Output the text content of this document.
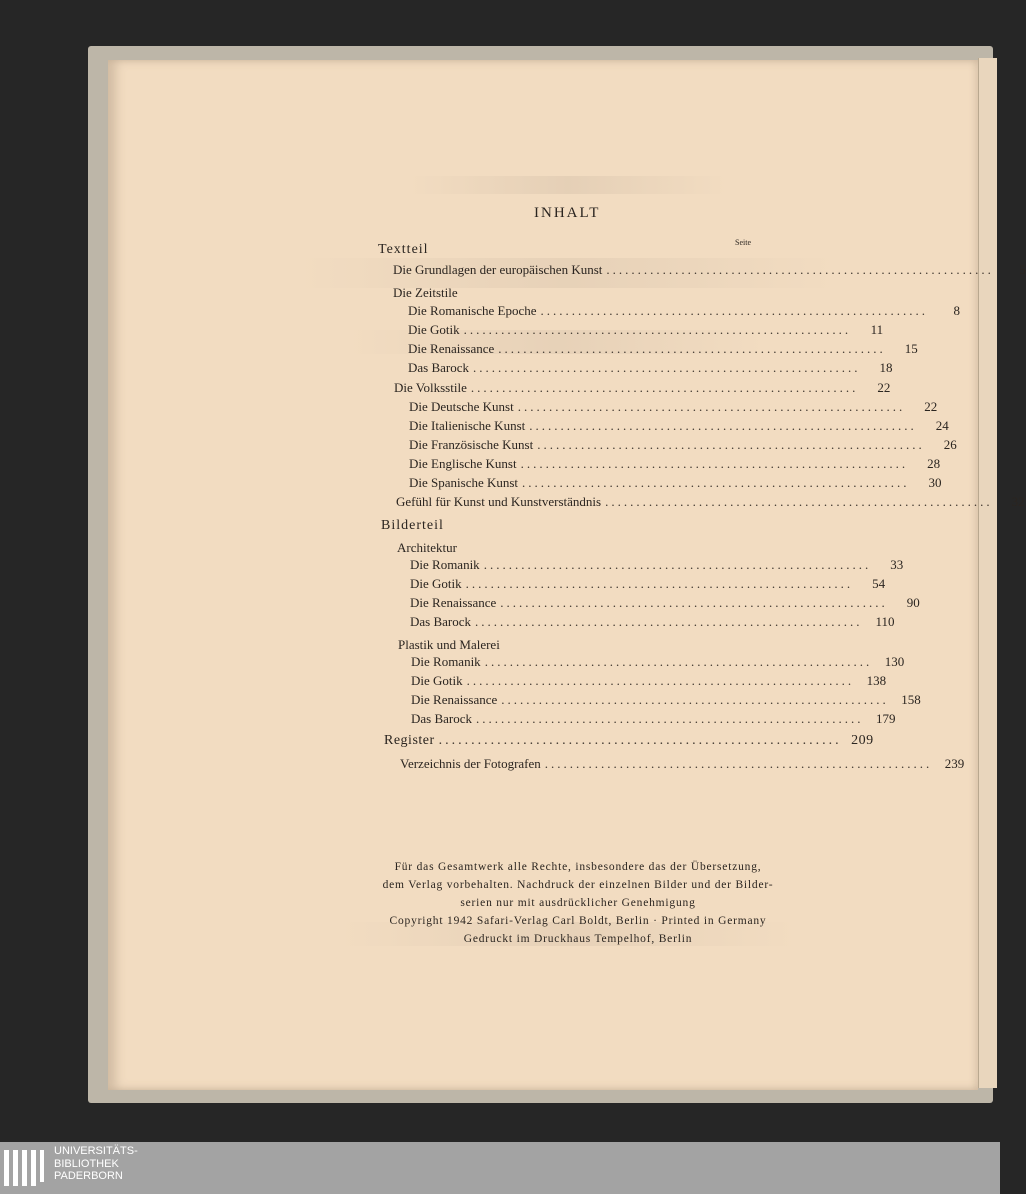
INHALT
Seite
Textteil
Die Grundlagen der europäischen Kunst ..............................................................	5
Die Zeitstile
Die Romanische Epoche ..............................................................	8
Die Gotik ..............................................................	11
Die Renaissance ..............................................................	15
Das Barock ..............................................................	18
Die Volksstile ..............................................................	22
Die Deutsche Kunst ..............................................................	22
Die Italienische Kunst ..............................................................	24
Die Französische Kunst ..............................................................	26
Die Englische Kunst ..............................................................	28
Die Spanische Kunst ..............................................................	30
Gefühl für Kunst und Kunstverständnis ..............................................................	32
Bilderteil
Architektur
Die Romanik ..............................................................	33
Die Gotik ..............................................................	54
Die Renaissance ..............................................................	90
Das Barock .............................................................. 110
Plastik und Malerei
Die Romanik .............................................................. 130
Die Gotik .............................................................. 138
Die Renaissance .............................................................. 158
Das Barock .............................................................. 179
Register .............................................................. 209
Verzeichnis der Fotografen .............................................................. 239
Für das Gesamtwerk alle Rechte, insbesondere das der Übersetzung,
dem Verlag vorbehalten. Nachdruck der einzelnen Bilder und der Bilder-
serien nur mit ausdrücklicher Genehmigung
Copyright 1942 Safari-Verlag Carl Boldt, Berlin · Printed in Germany
Gedruckt im Druckhaus Tempelhof, Berlin
UNIVERSITÄTS-
BIBLIOTHEK
PADERBORN
